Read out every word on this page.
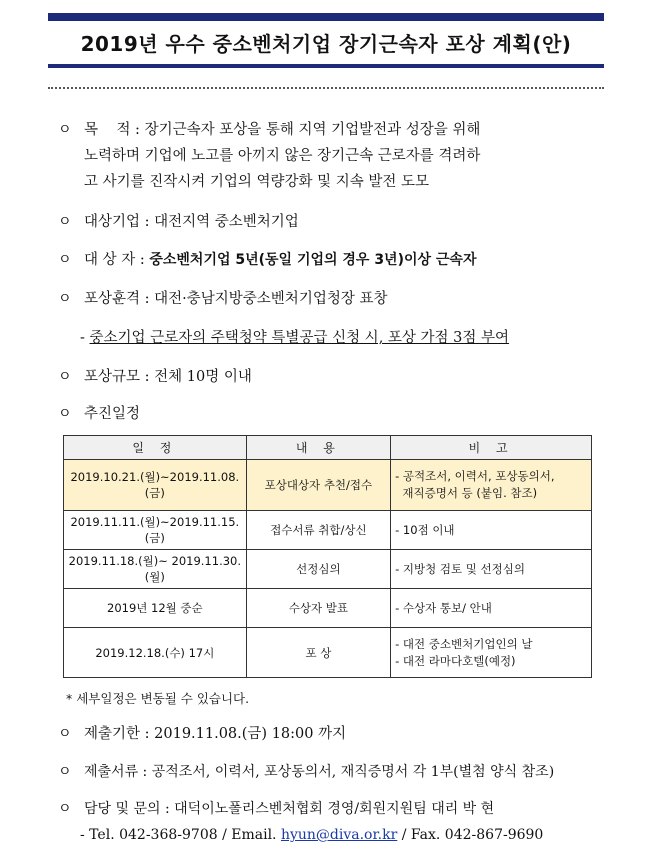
2019년 우수 중소벤처기업 장기근속자 포상 계획(안)
ㅇ 목    적 : 장기근속자 포상을 통해 지역 기업발전과 성장을 위해
노력하며 기업에 노고를 아끼지 않은 장기근속 근로자를 격려하
고 사기를 진작시켜 기업의 역량강화 및 지속 발전 도모
ㅇ 대상기업 : 대전지역 중소벤처기업
ㅇ 대 상 자 : 중소벤처기업 5년(동일 기업의 경우 3년)이상 근속자
ㅇ 포상훈격 : 대전·충남지방중소벤처기업청장 표창
- 중소기업 근로자의 주택청약 특별공급 신청 시, 포상 가점 3점 부여
ㅇ 포상규모 : 전체 10명 이내
ㅇ 추진일정
일 정	내 용	비 고
2019.10.21.(월)~2019.11.08.(금)	포상대상자 추천/접수	- 공적조서, 이력서, 포상동의서,
재직증명서 등 (붙임. 참조)

2019.11.11.(월)~2019.11.15.(금)	접수서류 취합/상신	- 10점 이내

2019.11.18.(월)~ 2019.11.30.(월)	선정심의	- 지방청 검토 및 선정심의

2019년 12월 중순	수상자 발표	- 수상자 통보/ 안내

2019.12.18.(수) 17시	포 상	- 대전 중소벤처기업인의 날
- 대전 라마다호텔(예정)
* 세부일정은 변동될 수 있습니다.
ㅇ 제출기한 : 2019.11.08.(금) 18:00 까지
ㅇ 제출서류 : 공적조서, 이력서, 포상동의서, 재직증명서 각 1부(별첨 양식 참조)
ㅇ 담당 및 문의 : 대덕이노폴리스벤처협회 경영/회원지원팀 대리 박 현
- Tel. 042-368-9708 / Email. hyun@diva.or.kr / Fax. 042-867-9690
